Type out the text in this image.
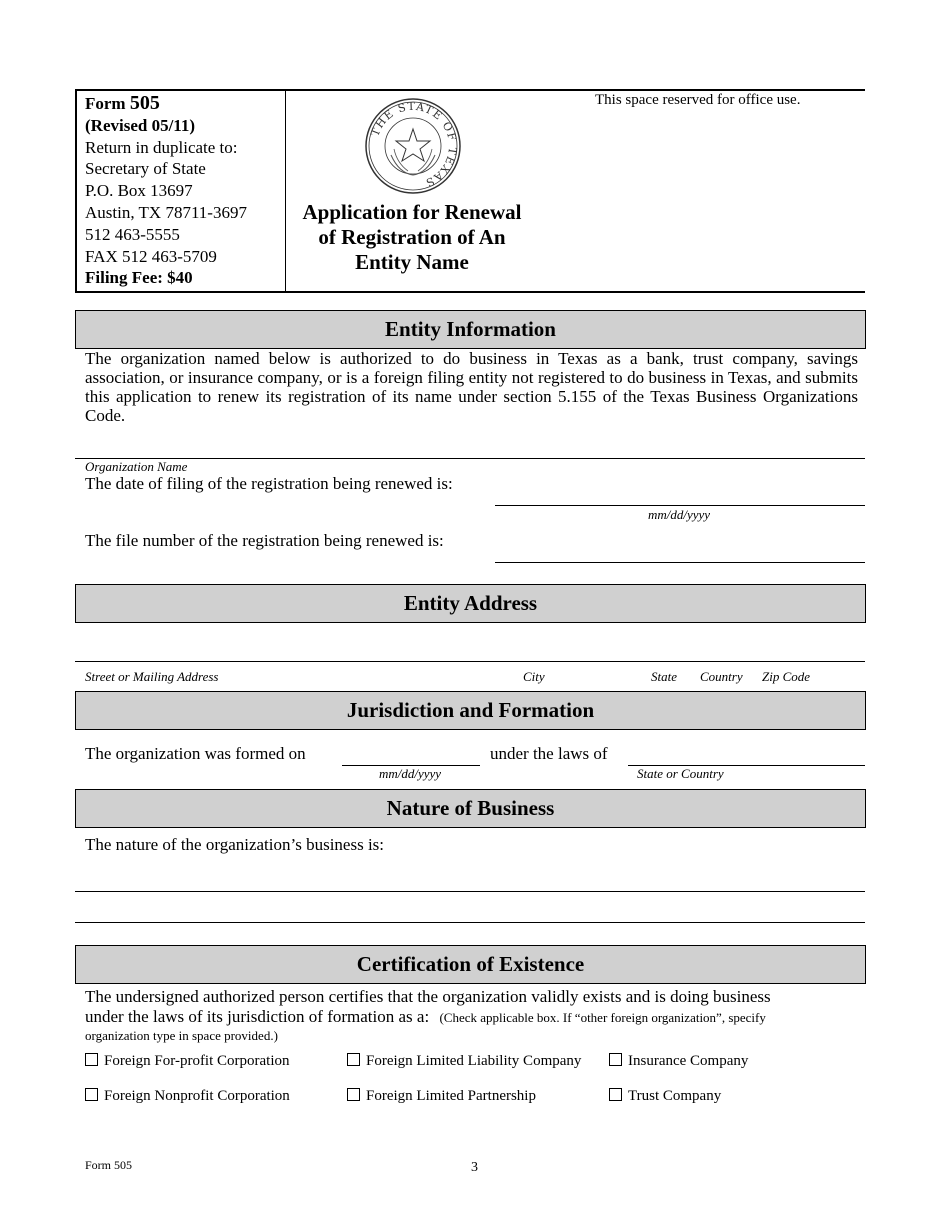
Form 505
(Revised 05/11)
Return in duplicate to:
Secretary of State
P.O. Box 13697
Austin, TX 78711-3697
512 463-5555
FAX 512 463-5709
Filing Fee: $40
THE STATE OF TEXAS
Application for Renewal
of Registration of An
Entity Name
This space reserved for office use.
Entity Information
The organization named below is authorized to do business in Texas as a bank, trust company, savings association, or insurance company, or is a foreign filing entity not registered to do business in Texas, and submits this application to renew its registration of its name under section 5.155 of the Texas Business Organizations Code.
Organization Name
The date of filing of the registration being renewed is:
mm/dd/yyyy
The file number of the registration being renewed is:
Entity Address
Street or Mailing Address	City	State Country Zip Code
Jurisdiction and Formation
The organization was formed on
mm/dd/yyyy
under the laws of
State or Country
Nature of Business
The nature of the organization’s business is:
Certification of Existence
The undersigned authorized person certifies that the organization validly exists and is doing business
under the laws of its jurisdiction of formation as a: (Check applicable box. If “other foreign organization”, specify
organization type in space provided.)
Foreign For-profit Corporation	Foreign Limited Liability Company	Insurance Company
Foreign Nonprofit Corporation	Foreign Limited Partnership	Trust Company
Form 505	3
